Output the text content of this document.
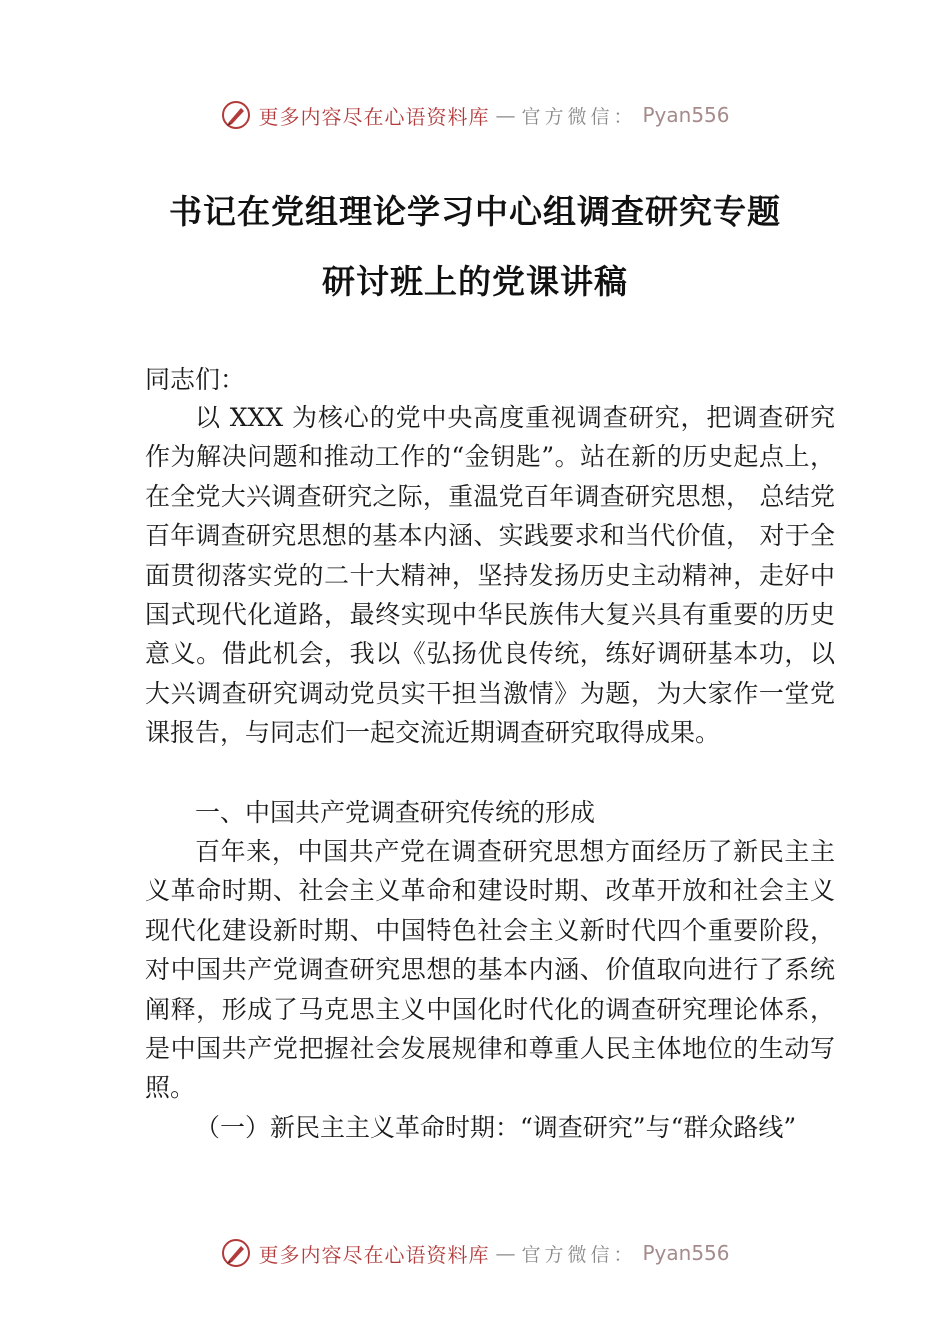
更多内容尽在心语资料库 — 官方微信： Pyan556
书记在党组理论学习中心组调查研究专题
研讨班上的党课讲稿
同志们：

以 XXX 为核心的党中央高度重视调查研究，把调查研究作为解决问题和推动工作的“金钥匙”。站在新的历史起点上，在全党大兴调查研究之际，重温党百年调查研究思想， 总结党百年调查研究思想的基本内涵、实践要求和当代价值， 对于全面贯彻落实党的二十大精神，坚持发扬历史主动精神，走好中国式现代化道路，最终实现中华民族伟大复兴具有重要的历史意义。借此机会，我以《弘扬优良传统，练好调研基本功，以大兴调查研究调动党员实干担当激情》为题，为大家作一堂党课报告，与同志们一起交流近期调查研究取得成果。

一、中国共产党调查研究传统的形成

百年来，中国共产党在调查研究思想方面经历了新民主主义革命时期、社会主义革命和建设时期、改革开放和社会主义现代化建设新时期、中国特色社会主义新时代四个重要阶段，对中国共产党调查研究思想的基本内涵、价值取向进行了系统阐释，形成了马克思主义中国化时代化的调查研究理论体系，是中国共产党把握社会发展规律和尊重人民主体地位的生动写照。

（一）新民主主义革命时期：“调查研究”与“群众路线”

更多内容尽在心语资料库 — 官方微信： Pyan556
